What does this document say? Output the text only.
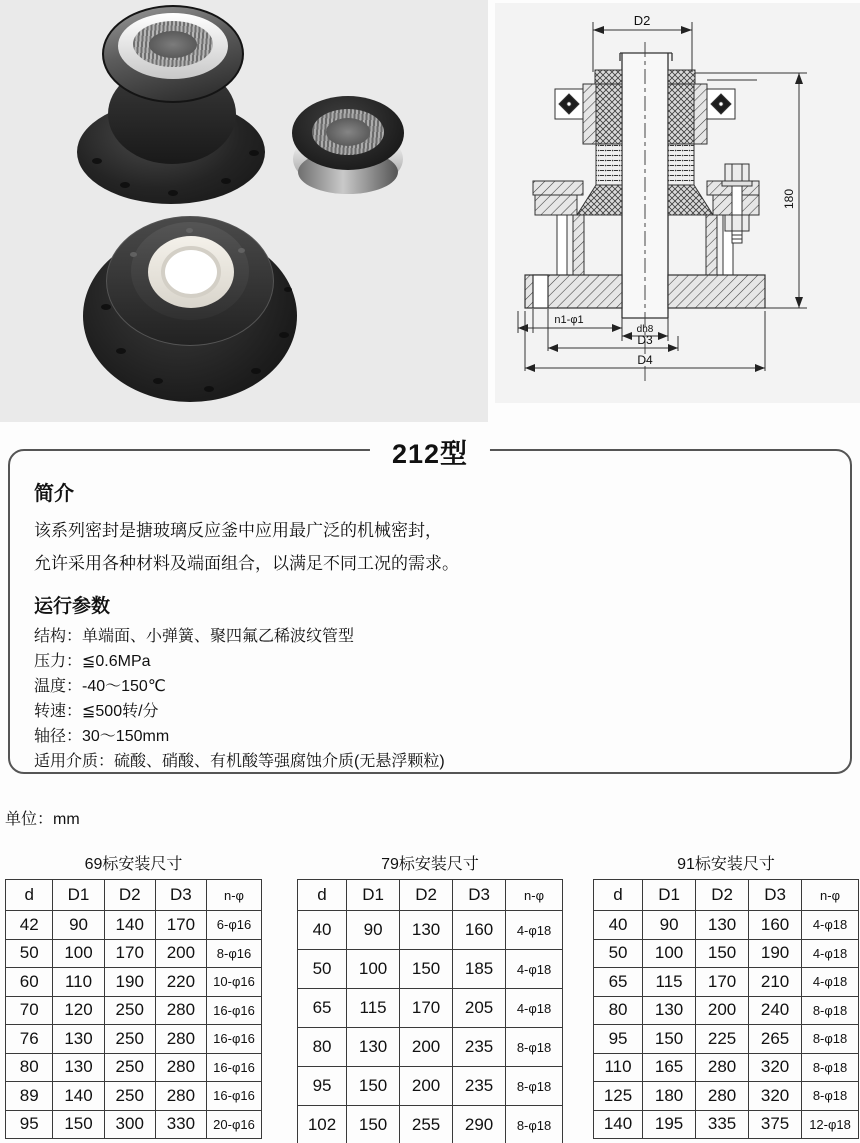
D2
180
n1-φ1
dh8
D3
D4
212型

简介

该系列密封是搪玻璃反应釜中应用最广泛的机械密封，

允许采用各种材料及端面组合，以满足不同工况的需求。

运行参数

结构：单端面、小弹簧、聚四氟乙稀波纹管型

压力：≦0.6MPa

温度：-40～150℃

转速：≦500转/分

轴径：30～150mm

适用介质：硫酸、硝酸、有机酸等强腐蚀介质(无悬浮颗粒)

单位：mm

69标安装尺寸

d	D1	D2	D3	n-φ
42	90	140	170	6-φ16
50	100	170	200	8-φ16
60	110	190	220	10-φ16
70	120	250	280	16-φ16
76	130	250	280	16-φ16
80	130	250	280	16-φ16
89	140	250	280	16-φ16
95	150	300	330	20-φ16

79标安装尺寸

d	D1	D2	D3	n-φ
40	90	130	160	4-φ18
50	100	150	185	4-φ18
65	115	170	205	4-φ18
80	130	200	235	8-φ18
95	150	200	235	8-φ18
102	150	255	290	8-φ18

91标安装尺寸

d	D1	D2	D3	n-φ
40	90	130	160	4-φ18
50	100	150	190	4-φ18
65	115	170	210	4-φ18
80	130	200	240	8-φ18
95	150	225	265	8-φ18
110	165	280	320	8-φ18
125	180	280	320	8-φ18
140	195	335	375	12-φ18
